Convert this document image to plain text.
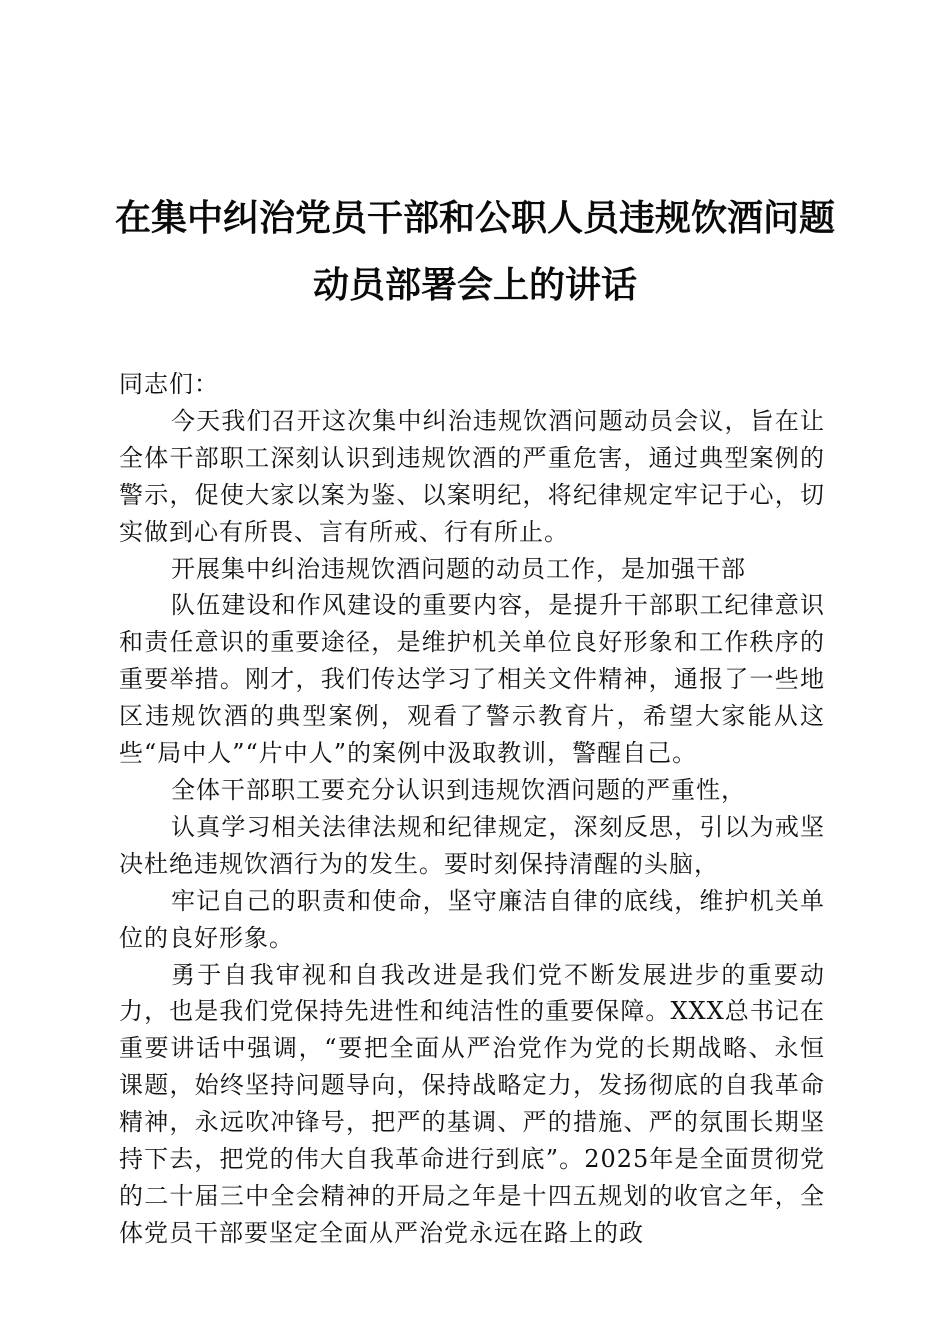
在集中纠治党员干部和公职人员违规饮酒问题
动员部署会上的讲话

同志们：

今天我们召开这次集中纠治违规饮酒问题动员会议，旨在让全体干部职工深刻认识到违规饮酒的严重危害，通过典型案例的警示，促使大家以案为鉴、以案明纪，将纪律规定牢记于心，切实做到心有所畏、言有所戒、行有所止。

开展集中纠治违规饮酒问题的动员工作，是加强干部

队伍建设和作风建设的重要内容，是提升干部职工纪律意识和责任意识的重要途径，是维护机关单位良好形象和工作秩序的重要举措。刚才，我们传达学习了相关文件精神，通报了一些地区违规饮酒的典型案例，观看了警示教育片，希望大家能从这些“局中人”“片中人”的案例中汲取教训，警醒自己。

全体干部职工要充分认识到违规饮酒问题的严重性，

认真学习相关法律法规和纪律规定，深刻反思，引以为戒坚决杜绝违规饮酒行为的发生。要时刻保持清醒的头脑，

牢记自己的职责和使命，坚守廉洁自律的底线，维护机关单位的良好形象。

勇于自我审视和自我改进是我们党不断发展进步的重要动力，也是我们党保持先进性和纯洁性的重要保障。XXX总书记在重要讲话中强调，“要把全面从严治党作为党的长期战略、永恒课题，始终坚持问题导向，保持战略定力，发扬彻底的自我革命精神，永远吹冲锋号，把严的基调、严的措施、严的氛围长期坚持下去，把党的伟大自我革命进行到底”。2025年是全面贯彻党的二十届三中全会精神的开局之年是十四五规划的收官之年，全体党员干部要坚定全面从严治党永远在路上的政
